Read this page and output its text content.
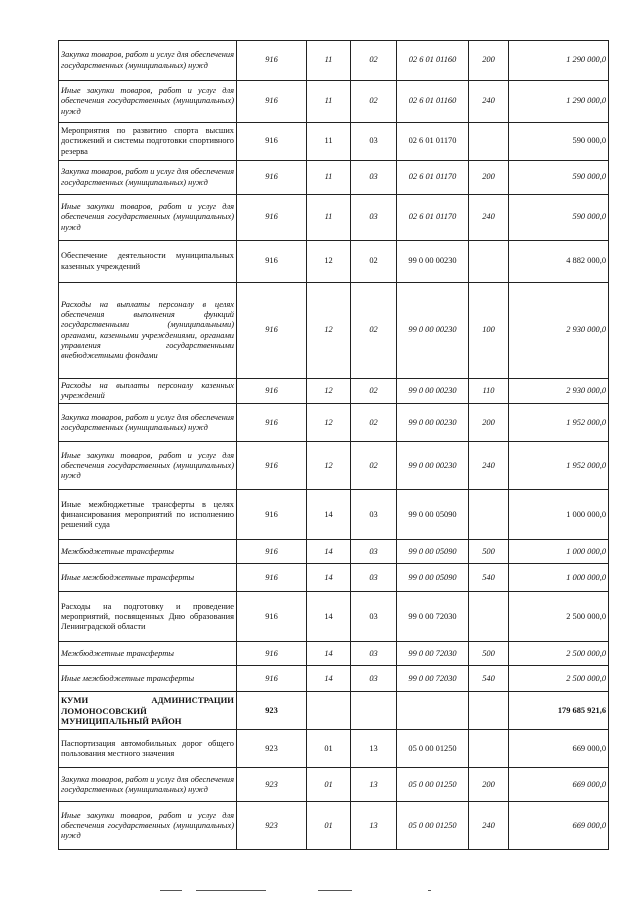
Закупка товаров, работ и услуг для обеспечения государственных (муниципальных) нужд	916	11	02	02 6 01 01160	200	1 290 000,0
Иные закупки товаров, работ и услуг для обеспечения государственных (муниципальных) нужд	916	11	02	02 6 01 01160	240	1 290 000,0
Мероприятия по развитию спорта высших достижений и системы подготовки спортивного резерва	916	11	03	02 6 01 01170		590 000,0
Закупка товаров, работ и услуг для обеспечения государственных (муниципальных) нужд	916	11	03	02 6 01 01170	200	590 000,0
Иные закупки товаров, работ и услуг для обеспечения государственных (муниципальных) нужд	916	11	03	02 6 01 01170	240	590 000,0
Обеспечение деятельности муниципальных казенных учреждений	916	12	02	99 0 00 00230		4 882 000,0
Расходы на выплаты персоналу в целях обеспечения выполнения функций государственными (муниципальными) органами, казенными учреждениями, органами управления государственными внебюджетными фондами	916	12	02	99 0 00 00230	100	2 930 000,0
Расходы на выплаты персоналу казенных учреждений	916	12	02	99 0 00 00230	110	2 930 000,0
Закупка товаров, работ и услуг для обеспечения государственных (муниципальных) нужд	916	12	02	99 0 00 00230	200	1 952 000,0
Иные закупки товаров, работ и услуг для обеспечения государственных (муниципальных) нужд	916	12	02	99 0 00 00230	240	1 952 000,0
Иные межбюджетные трансферты в целях финансирования мероприятий по исполнению решений суда	916	14	03	99 0 00 05090		1 000 000,0
Межбюджетные трансферты	916	14	03	99 0 00 05090	500	1 000 000,0
Иные межбюджетные трансферты	916	14	03	99 0 00 05090	540	1 000 000,0
Расходы на подготовку и проведение мероприятий, посвященных Дню образования Ленинградской области	916	14	03	99 0 00 72030		2 500 000,0
Межбюджетные трансферты	916	14	03	99 0 00 72030	500	2 500 000,0
Иные межбюджетные трансферты	916	14	03	99 0 00 72030	540	2 500 000,0
КУМИ АДМИНИСТРАЦИИ ЛОМОНОСОВСКИЙ МУНИЦИПАЛЬНЫЙ РАЙОН	923					179 685 921,6
Паспортизация автомобильных дорог общего пользования местного значения	923	01	13	05 0 00 01250		669 000,0
Закупка товаров, работ и услуг для обеспечения государственных (муниципальных) нужд	923	01	13	05 0 00 01250	200	669 000,0
Иные закупки товаров, работ и услуг для обеспечения государственных (муниципальных) нужд	923	01	13	05 0 00 01250	240	669 000,0
